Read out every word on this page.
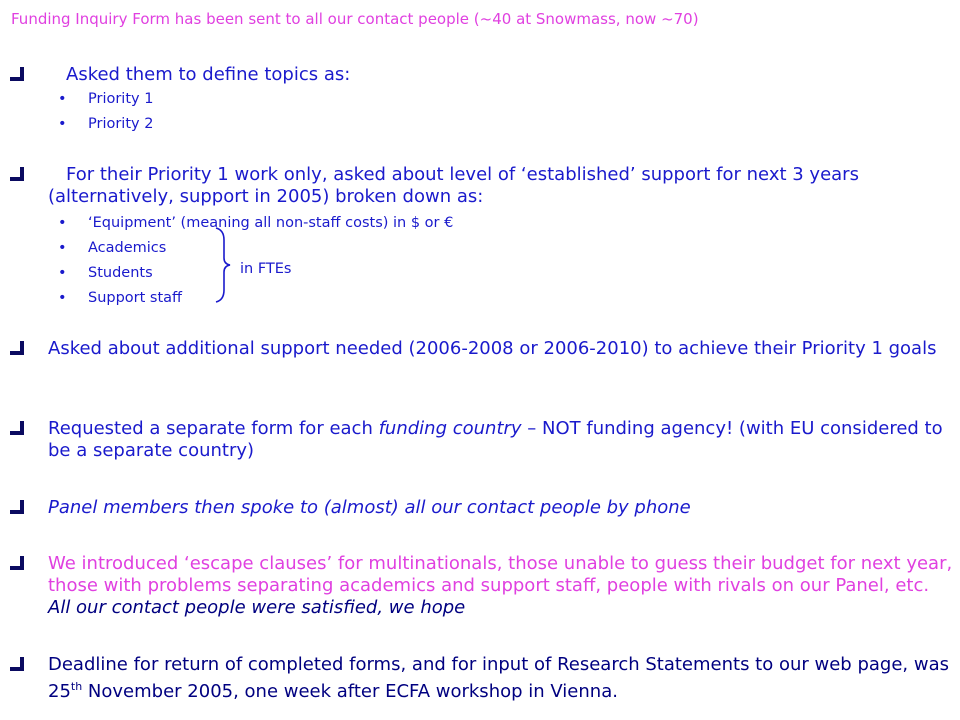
Funding Inquiry Form has been sent to all our contact people (~40 at Snowmass, now ~70)

Asked them to define topics as:
• Priority 1
• Priority 2
For their Priority 1 work only, asked about level of ‘established’ support for next 3 years (alternatively, support in 2005) broken down as:
• ‘Equipment’ (meaning all non-staff costs) in $ or €
• Academics
• Students
• Support staff
in FTEs
Asked about additional support needed (2006-2008 or 2006-2010) to achieve their Priority 1 goals
Requested a separate form for each funding country – NOT funding agency! (with EU considered to be a separate country)
Panel members then spoke to (almost) all our contact people by phone
We introduced ‘escape clauses’ for multinationals, those unable to guess their budget for next year, those with problems separating academics and support staff, people with rivals on our Panel, etc. All our contact people were satisfied, we hope
Deadline for return of completed forms, and for input of Research Statements to our web page, was 25th November 2005, one week after ECFA workshop in Vienna.
